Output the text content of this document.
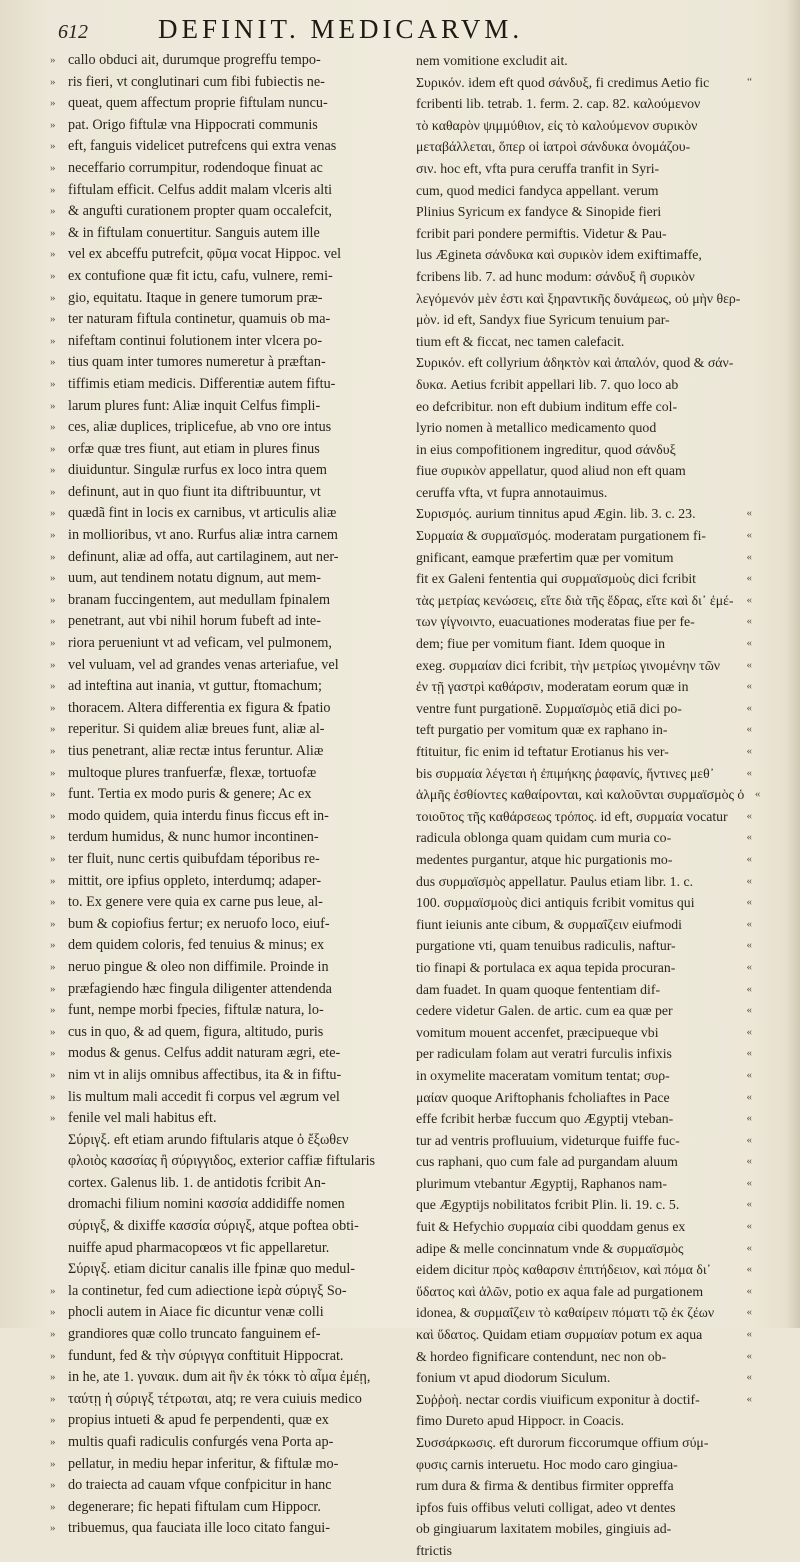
612	DEFINIT. MEDICARVM.
» callo obduci ait, durumque progreffu tempo-
» ris fieri, vt conglutinari cum fibi fubiectis ne-
» queat, quem affectum proprie fiftulam nuncu-
» pat. Origo fiftulæ vna Hippocrati communis
» eft, fanguis videlicet putrefcens qui extra venas
» neceffario corrumpitur, rodendoque finuat ac
» fiftulam efficit. Celfus addit malam vlceris alti
» & angufti curationem propter quam occalefcit,
» & in fiftulam conuertitur. Sanguis autem ille
» vel ex abceffu putrefcit, φῦμα vocat Hippoc. vel
» ex contufione quæ fit ictu, cafu, vulnere, remi-
» gio, equitatu. Itaque in genere tumorum præ-
» ter naturam fiftula continetur, quamuis ob ma-
» nifeftam continui folutionem inter vlcera po-
» tius quam inter tumores numeretur à præftan-
» tiffimis etiam medicis. Differentiæ autem fiftu-
» larum plures funt: Aliæ inquit Celfus fimpli-
» ces, aliæ duplices, triplicefue, ab vno ore intus
» orfæ quæ tres fiunt, aut etiam in plures finus
» diuiduntur. Singulæ rurfus ex loco intra quem
» definunt, aut in quo fiunt ita diftribuuntur, vt
» quædã fint in locis ex carnibus, vt articulis aliæ
» in mollioribus, vt ano. Rurfus aliæ intra carnem
» definunt, aliæ ad offa, aut cartilaginem, aut ner-
» uum, aut tendinem notatu dignum, aut mem-
» branam fuccingentem, aut medullam fpinalem
» penetrant, aut vbi nihil horum fubeft ad inte-
» riora perueniunt vt ad veficam, vel pulmonem,
» vel vuluam, vel ad grandes venas arteriafue, vel
» ad inteftina aut inania, vt guttur, ftomachum;
» thoracem. Altera differentia ex figura & fpatio
» reperitur. Si quidem aliæ breues funt, aliæ al-
» tius penetrant, aliæ rectæ intus feruntur. Aliæ
» multoque plures tranfuerfæ, flexæ, tortuofæ
» funt. Tertia ex modo puris & genere; Ac ex
» modo quidem, quia interdu finus ficcus eft in-
» terdum humidus, & nunc humor incontinen-
» ter fluit, nunc certis quibufdam téporibus re-
» mittit, ore ipfius oppleto, interdumq; adaper-
» to. Ex genere vere quia ex carne pus leue, al-
» bum & copiofius fertur; ex neruofo loco, eiuf-
» dem quidem coloris, fed tenuius & minus; ex
» neruo pingue & oleo non diffimile. Proinde in
» præfagiendo hæc fingula diligenter attendenda
» funt, nempe morbi fpecies, fiftulæ natura, lo-
» cus in quo, & ad quem, figura, altitudo, puris
» modus & genus. Celfus addit naturam ægri, ete-
» nim vt in alijs omnibus affectibus, ita & in fiftu-
» lis multum mali accedit fi corpus vel ægrum vel
» fenile vel mali habitus eft.
Σύριγξ. eft etiam arundo fiftularis atque ὁ ἔξωθεν
φλοιὸς κασσίας ἢ σύριγγιδος, exterior caffiæ fiftularis
cortex. Galenus lib. 1. de antidotis fcribit An-
dromachi filium nomini κασσία addidiffe nomen
σύριγξ, & dixiffe κασσία σύριγξ, atque poftea obti-
nuiffe apud pharmacopœos vt fic appellaretur.
Σύριγξ. etiam dicitur canalis ille fpinæ quo medul-
» la continetur, fed cum adiectione ἱερὰ σύριγξ So-
» phocli autem in Aiace fic dicuntur venæ colli
» grandiores quæ collo truncato fanguinem ef-
» fundunt, fed & τὴν σύριγγα conftituit Hippocrat.
» in he, ate 1. γυναικ. dum ait ἣν ἐκ τόκκ τὸ αἷμα ἐμέῃ,
» ταύτῃ ἡ σύριγξ τέτρωται, atq; re vera cuiuis medico
» propius intueti & apud fe perpendenti, quæ ex
» multis quafi radiculis confurgés vena Porta ap-
» pellatur, in mediu hepar inferitur, & fiftulæ mo-
» do traiecta ad cauam vfque confpicitur in hanc
» degenerare; fic hepati fiftulam cum Hippocr.
» tribuemus, qua fauciata ille loco citato fangui-
nem vomitione excludit ait.
Συρικόν. idem eft quod σάνδυξ, fi credimus Aetio fic	“
fcribenti lib. tetrab. 1. ferm. 2. cap. 82. καλούμενον
τὸ καθαρὸν ψιμμύθιον, εἰς τὸ καλούμενον συρικὸν
μεταβάλλεται, ὅπερ οἱ ἰατροὶ σάνδυκα ὀνομάζου-
σιν. hoc eft, vfta pura ceruffa tranfit in Syri-
cum, quod medici fandyca appellant. verum
Plinius Syricum ex fandyce & Sinopide fieri
fcribit pari pondere permiftis. Videtur & Pau-
lus Ægineta σάνδυκα καὶ συρικὸν idem exiftimaffe,
fcribens lib. 7. ad hunc modum: σάνδυξ ἢ συρικὸν
λεγόμενόν μὲν ἐστι καὶ ξηραντικῆς δυνάμεως, οὐ μὴν θερ-
μὸν. id eft, Sandyx fiue Syricum tenuium par-
tium eft & ficcat, nec tamen calefacit.
Συρικόν. eft collyrium ἀδηκτὸν καὶ ἁπαλόν, quod & σάν-
δυκα. Aetius fcribit appellari lib. 7. quo loco ab
eo defcribitur. non eft dubium inditum effe col-
lyrio nomen à metallico medicamento quod
in eius compofitionem ingreditur, quod σάνδυξ
fiue συρικὸν appellatur, quod aliud non eft quam
ceruffa vfta, vt fupra annotauimus.
Συρισμός. aurium tinnitus apud Ægin. lib. 3. c. 23.	«
Συρμαία & συρμαϊσμός. moderatam purgationem fi-	«
gnificant, eamque præfertim quæ per vomitum	«
fit ex Galeni fententia qui συρμαϊσμοὺς dici fcribit	«
τὰς μετρίας κενώσεις, εἴτε διὰ τῆς ἕδρας, εἴτε καὶ δι᾽ ἐμέ-	«
των γίγνοιντο, euacuationes moderatas fiue per fe-	«
dem; fiue per vomitum fiant. Idem quoque in	«
exeg. συρμαίαν dici fcribit, τὴν μετρίως γινομένην τῶν	«
ἐν τῇ γαστρὶ καθάρσιν, moderatam eorum quæ in	«
ventre funt purgationē. Συρμαϊσμὸς etiā dici po-	«
teft purgatio per vomitum quæ ex raphano in-	«
ftituitur, fic enim id teftatur Erotianus his ver-	«
bis συρμαία λέγεται ἡ ἐπιμήκης ῥαφανίς, ἥντινες μεθ᾽	«
ἁλμῆς ἐσθίοντες καθαίρονται, καὶ καλοῦνται συρμαϊσμὸς ὁ «
τοιοῦτος τῆς καθάρσεως τρόπος. id eft, συρμαία vocatur	«
radicula oblonga quam quidam cum muria co-	«
medentes purgantur, atque hic purgationis mo-	«
dus συρμαϊσμὸς appellatur. Paulus etiam libr. 1. c.	«
100. συρμαϊσμοὺς dici antiquis fcribit vomitus qui	«
fiunt ieiunis ante cibum, & συρμαΐζειν eiufmodi	«
purgatione vti, quam tenuibus radiculis, naftur-	«
tio finapi & portulaca ex aqua tepida procuran-	«
dam fuadet. In quam quoque fententiam dif-	«
cedere videtur Galen. de artic. cum ea quæ per	«
vomitum mouent accenfet, præcipueque vbi	«
per radiculam folam aut veratri furculis infixis	«
in oxymelite maceratam vomitum tentat; συρ-	«
μαίαν quoque Ariftophanis fcholiaftes in Pace	«
effe fcribit herbæ fuccum quo Ægyptij vteban-	«
tur ad ventris profluuium, videturque fuiffe fuc-	«
cus raphani, quo cum fale ad purgandam aluum	«
plurimum vtebantur Ægyptij, Raphanos nam-	«
que Ægyptijs nobilitatos fcribit Plin. li. 19. c. 5.	«
fuit & Hefychio συρμαία cibi quoddam genus ex	«
adipe & melle concinnatum vnde & συρμαϊσμὸς	«
eidem dicitur πρὸς καθαρσιν ἐπιτήδειον, καὶ πόμα δι᾽	«
ὕδατος καὶ ἁλῶν, potio ex aqua fale ad purgationem	«
idonea, & συρμαΐζειν τὸ καθαίρειν πόματι τῷ ἐκ ζέων	«
καὶ ὕδατος. Quidam etiam συρμαίαν potum ex aqua	«
& hordeo fignificare contendunt, nec non ob-	«
fonium vt apud diodorum Siculum.	«
Συῤῥοὴ. nectar cordis viuificum exponitur à doctif-	«
fimo Dureto apud Hippocr. in Coacis.
Συσσάρκωσις. eft durorum ficcorumque offium σύμ-
φυσις carnis interuetu. Hoc modo caro gingiua-
rum dura & firma & dentibus firmiter oppreffa
ipfos fuis offibus veluti colligat, adeo vt dentes
ob gingiuarum laxitatem mobiles, gingiuis ad-
ftrictis
